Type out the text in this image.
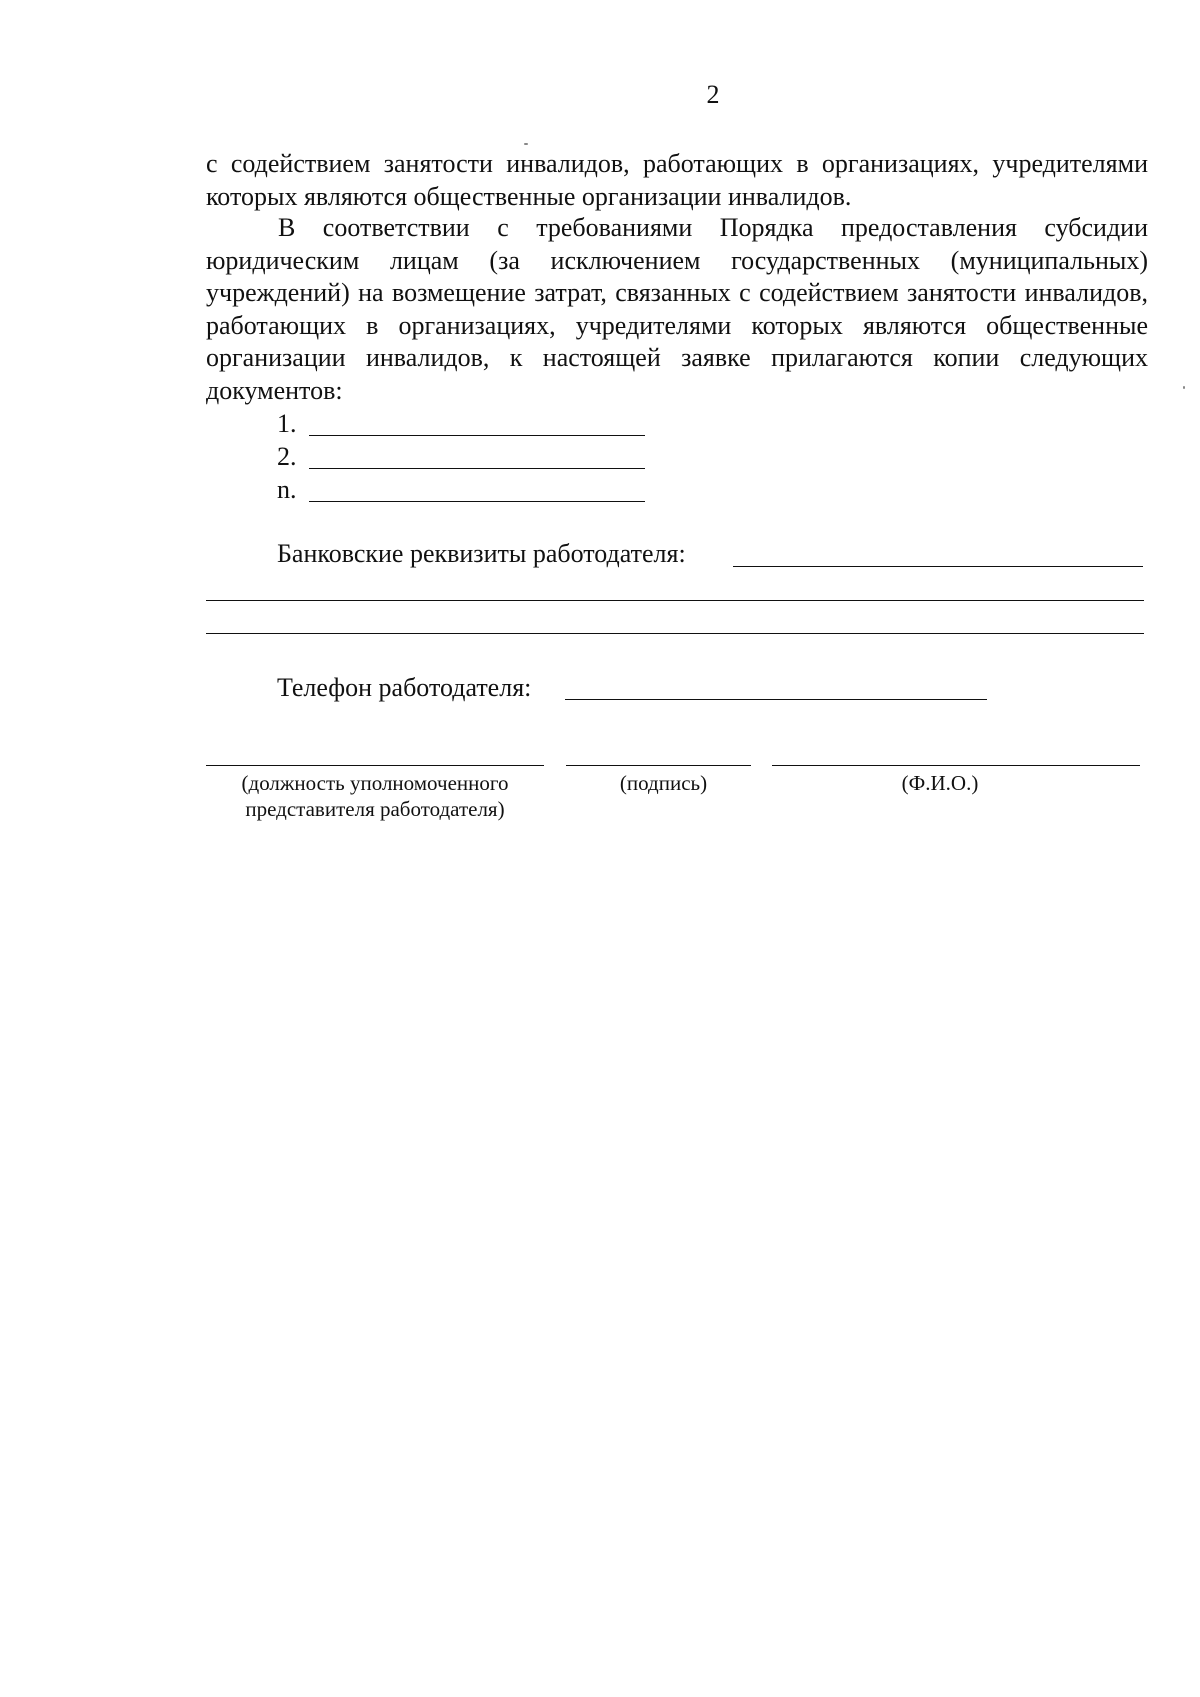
2
с содействием занятости инвалидов, работающих в организациях, учредителями которых являются общественные организации инвалидов.
В соответствии с требованиями Порядка предоставления субсидии юридическим лицам (за исключением государственных (муниципальных) учреждений) на возмещение затрат, связанных с содействием занятости инвалидов, работающих в организациях, учредителями которых являются общественные организации инвалидов, к настоящей заявке прилагаются копии следующих документов:
1.
2.
n.
Банковские реквизиты работодателя:
Телефон работодателя:
(должность уполномоченного
представителя работодателя)
(подпись)	(Ф.И.О.)
